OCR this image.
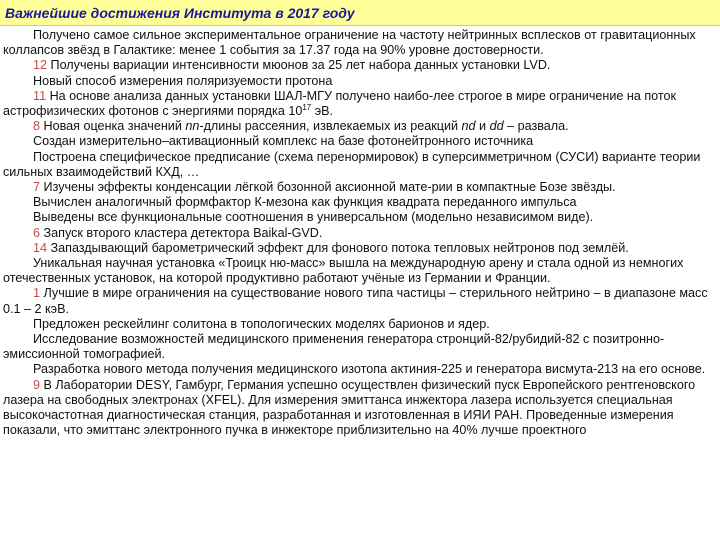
Важнейшие достижения Института в 2017 году

Получено самое сильное экспериментальное ограничение на частоту нейтринных всплесков от гравитационных коллапсов звёзд в Галактике: менее 1 события за 17.37 года на 90% уровне достоверности.

12 Получены вариации интенсивности мюонов за 25 лет набора данных установки LVD.

Новый способ измерения поляризуемости протона

11 На основе анализа данных установки ШАЛ-МГУ получено наибо-лее строгое в мире ограничение на поток астрофизических фотонов с энергиями порядка $10^{17}$ эВ.

8 Новая оценка значений nn-длины рассеяния, извлекаемых из реакций nd и dd – развала.

Создан измерительно–активационный комплекс на базе фотонейтронного источника

Построена специфическое предписание (схема перенормировок) в суперсимметричном (СУСИ) варианте теории сильных взаимодействий КХД, …

7 Изучены эффекты конденсации лёгкой бозонной аксионной мате-рии в компактные Бозе звёзды.

Вычислен аналогичный формфактор К-мезона как функция квадрата переданного импульса

Выведены все функциональные соотношения в универсальном (модельно независимом виде).

6 Запуск второго кластера детектора Baikal-GVD.

14 Запаздывающий барометрический эффект для фонового потока тепловых нейтронов под землёй.

Уникальная научная установка «Троицк ню-масс» вышла на международную арену и стала одной из немногих отечественных установок, на которой продуктивно работают учёные из Германии и Франции.

1 Лучшие в мире ограничения на существование нового типа частицы – стерильного нейтрино – в диапазоне масс 0.1 – 2 кэВ.

Предложен рескейлинг солитона в топологических моделях барионов и ядер.

Исследование возможностей медицинского применения генератора стронций-82/рубидий-82 с позитронно-эмиссионной томографией.

Разработка нового метода получения медицинского изотопа актиния-225 и генератора висмута-213 на его основе.

9 В Лаборатории DESY, Гамбург, Германия успешно осуществлен физический пуск Европейского рентгеновского лазера на свободных электронах (XFEL). Для измерения эмиттанса инжектора лазера используется специальная высокочастотная диагностическая станция, разработанная и изготовленная в ИЯИ РАН. Проведенные измерения показали, что эмиттанс электронного пучка в инжекторе приблизительно на 40% лучше проектного
